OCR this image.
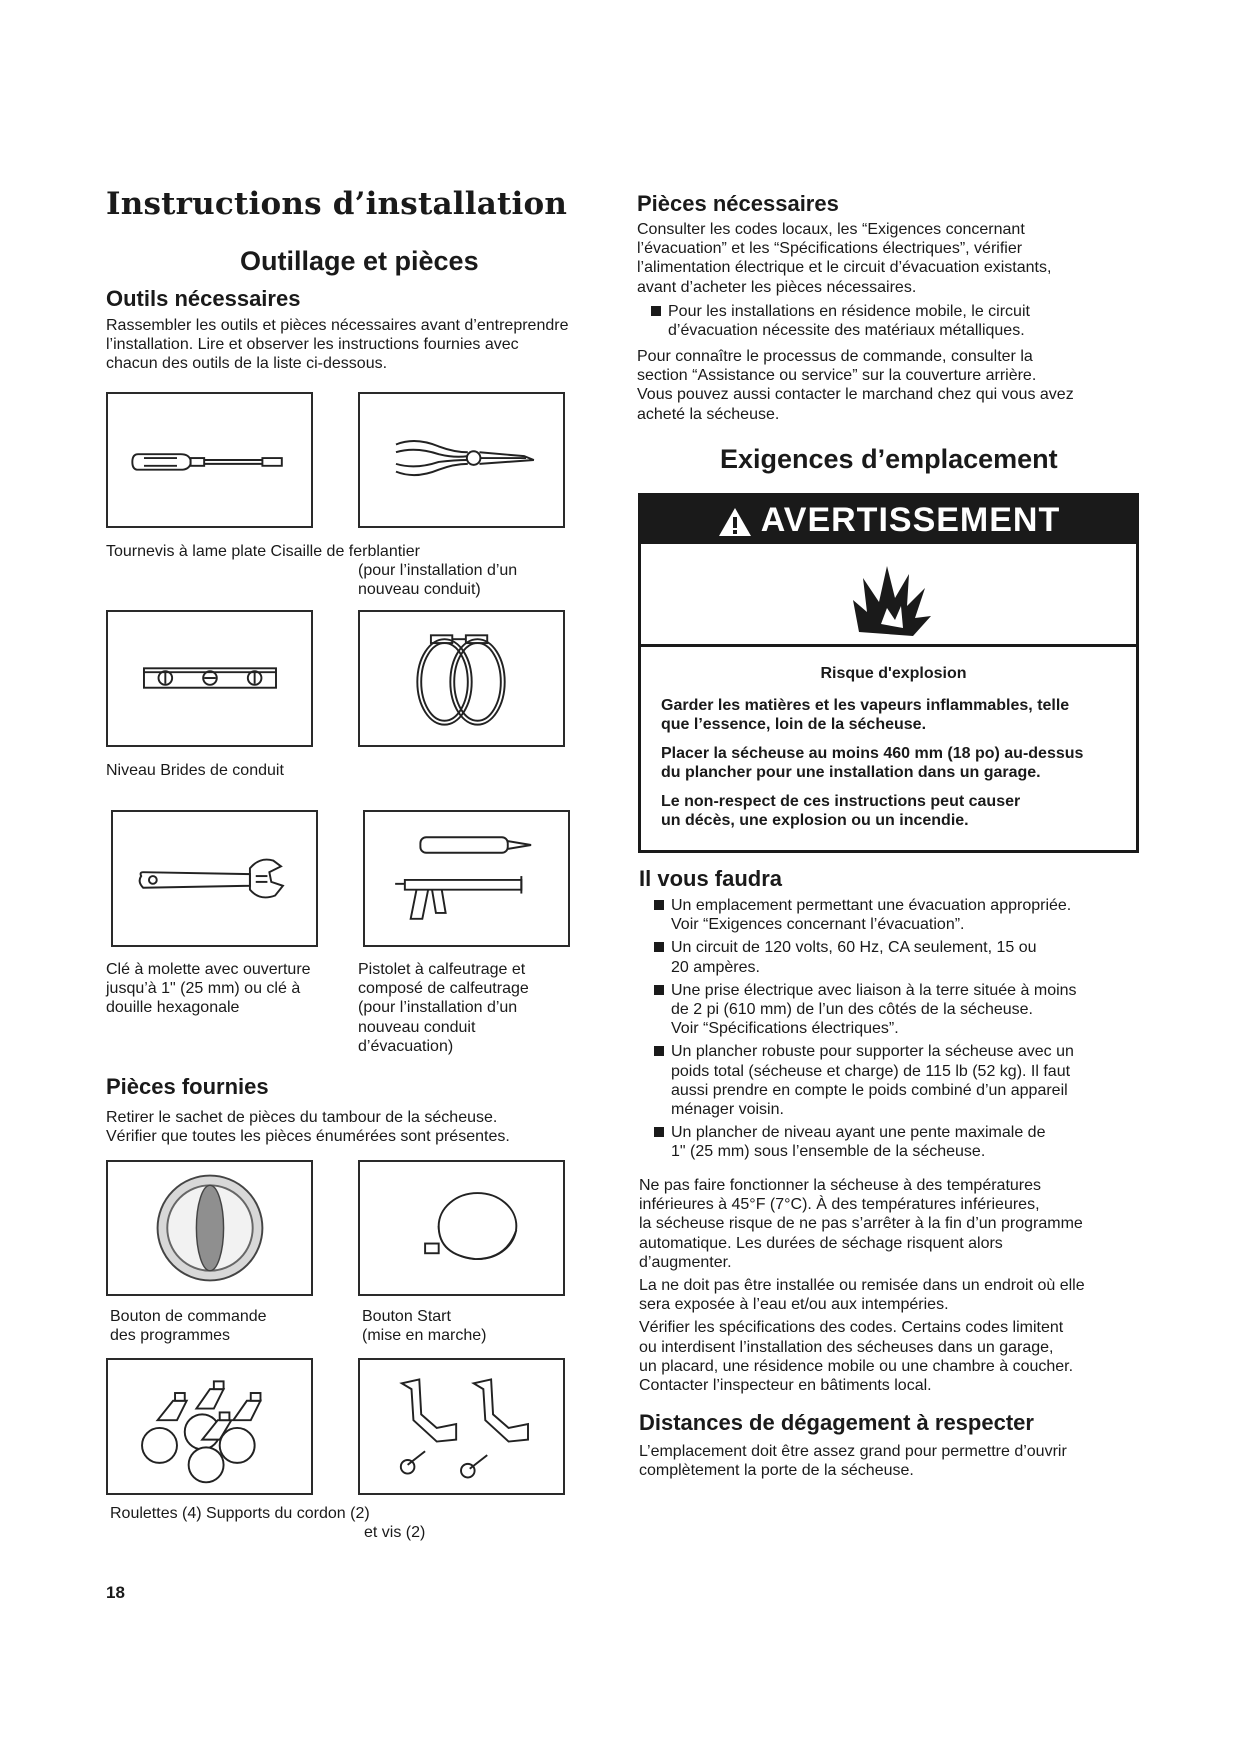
Instructions d’installation
Outillage et pièces
Outils nécessaires
Rassembler les outils et pièces nécessaires avant d’entreprendre
l’installation. Lire et observer les instructions fournies avec
chacun des outils de la liste ci-dessous.
Tournevis à lame plate Cisaille de ferblantier
(pour l’installation d’un
nouveau conduit)
Niveau Brides de conduit
Clé à molette avec ouverture
jusqu’à 1" (25 mm) ou clé à
douille hexagonale
Pistolet à calfeutrage et
composé de calfeutrage
(pour l’installation d’un
nouveau conduit
d’évacuation)
Pièces fournies
Retirer le sachet de pièces du tambour de la sécheuse.
Vérifier que toutes les pièces énumérées sont présentes.
Bouton de commande
des programmes
Bouton Start
(mise en marche)
Roulettes (4) Supports du cordon (2)
et vis (2)
18
Pièces nécessaires
Consulter les codes locaux, les “Exigences concernant
l’évacuation” et les “Spécifications électriques”, vérifier
l’alimentation électrique et le circuit d’évacuation existants,
avant d’acheter les pièces nécessaires.
Pour les installations en résidence mobile, le circuit
d’évacuation nécessite des matériaux métalliques.
Pour connaître le processus de commande, consulter la
section “Assistance ou service” sur la couverture arrière.
Vous pouvez aussi contacter le marchand chez qui vous avez
acheté la sécheuse.
Exigences d’emplacement
AVERTISSEMENT

Risque d'explosion

Garder les matières et les vapeurs inflammables, telle
que l’essence, loin de la sécheuse.

Placer la sécheuse au moins 460 mm (18 po) au-dessus
du plancher pour une installation dans un garage.

Le non-respect de ces instructions peut causer
un décès, une explosion ou un incendie.

Il vous faudra
Un emplacement permettant une évacuation appropriée.
Voir “Exigences concernant l’évacuation”.
Un circuit de 120 volts, 60 Hz, CA seulement, 15 ou
20 ampères.
Une prise électrique avec liaison à la terre située à moins
de 2 pi (610 mm) de l’un des côtés de la sécheuse.
Voir “Spécifications électriques”.
Un plancher robuste pour supporter la sécheuse avec un
poids total (sécheuse et charge) de 115 lb (52 kg). Il faut
aussi prendre en compte le poids combiné d’un appareil
ménager voisin.
Un plancher de niveau ayant une pente maximale de
1" (25 mm) sous l’ensemble de la sécheuse.

Ne pas faire fonctionner la sécheuse à des températures
inférieures à 45°F (7°C). À des températures inférieures,
la sécheuse risque de ne pas s’arrêter à la fin d’un programme
automatique. Les durées de séchage risquent alors
d’augmenter.

La ne doit pas être installée ou remisée dans un endroit où elle
sera exposée à l’eau et/ou aux intempéries.

Vérifier les spécifications des codes. Certains codes limitent
ou interdisent l’installation des sécheuses dans un garage,
un placard, une résidence mobile ou une chambre à coucher.
Contacter l’inspecteur en bâtiments local.

Distances de dégagement à respecter
L’emplacement doit être assez grand pour permettre d’ouvrir
complètement la porte de la sécheuse.
